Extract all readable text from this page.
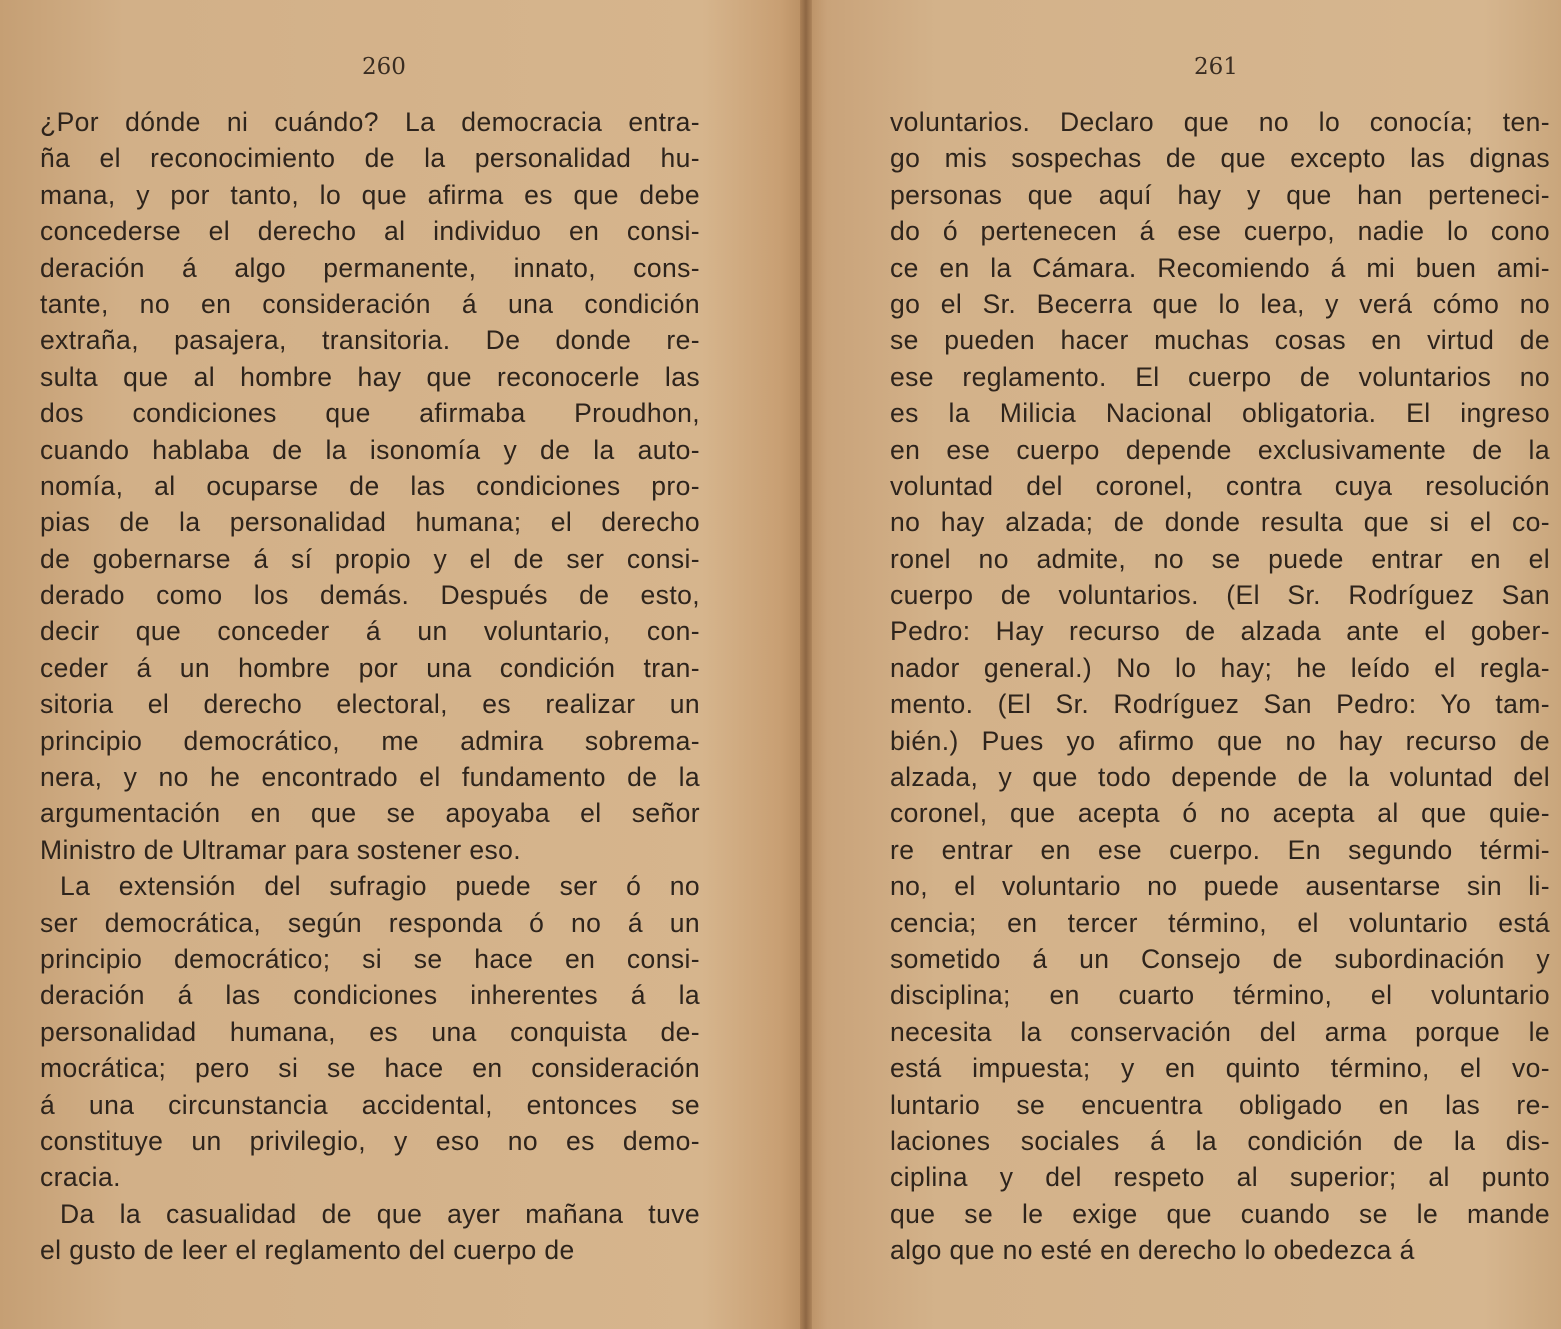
260
¿Por dónde ni cuándo? La democracia entra-
ña el reconocimiento de la personalidad hu-
mana, y por tanto, lo que afirma es que debe
concederse el derecho al individuo en consi-
deración á algo permanente, innato, cons-
tante, no en consideración á una condición
extraña, pasajera, transitoria. De donde re-
sulta que al hombre hay que reconocerle las
dos condiciones que afirmaba Proudhon,
cuando hablaba de la isonomía y de la auto-
nomía, al ocuparse de las condiciones pro-
pias de la personalidad humana; el derecho
de gobernarse á sí propio y el de ser consi-
derado como los demás. Después de esto,
decir que conceder á un voluntario, con-
ceder á un hombre por una condición tran-
sitoria el derecho electoral, es realizar un
principio democrático, me admira sobrema-
nera, y no he encontrado el fundamento de la
argumentación en que se apoyaba el señor
Ministro de Ultramar para sostener eso.
La extensión del sufragio puede ser ó no
ser democrática, según responda ó no á un
principio democrático; si se hace en consi-
deración á las condiciones inherentes á la
personalidad humana, es una conquista de-
mocrática; pero si se hace en consideración
á una circunstancia accidental, entonces se
constituye un privilegio, y eso no es demo-
cracia.
Da la casualidad de que ayer mañana tuve
el gusto de leer el reglamento del cuerpo de
261
voluntarios. Declaro que no lo conocía; ten-
go mis sospechas de que excepto las dignas
personas que aquí hay y que han perteneci-
do ó pertenecen á ese cuerpo, nadie lo cono
ce en la Cámara. Recomiendo á mi buen ami-
go el Sr. Becerra que lo lea, y verá cómo no
se pueden hacer muchas cosas en virtud de
ese reglamento. El cuerpo de voluntarios no
es la Milicia Nacional obligatoria. El ingreso
en ese cuerpo depende exclusivamente de la
voluntad del coronel, contra cuya resolución
no hay alzada; de donde resulta que si el co-
ronel no admite, no se puede entrar en el
cuerpo de voluntarios. (El Sr. Rodríguez San
Pedro: Hay recurso de alzada ante el gober-
nador general.) No lo hay; he leído el regla-
mento. (El Sr. Rodríguez San Pedro: Yo tam-
bién.) Pues yo afirmo que no hay recurso de
alzada, y que todo depende de la voluntad del
coronel, que acepta ó no acepta al que quie-
re entrar en ese cuerpo. En segundo térmi-
no, el voluntario no puede ausentarse sin li-
cencia; en tercer término, el voluntario está
sometido á un Consejo de subordinación y
disciplina; en cuarto término, el voluntario
necesita la conservación del arma porque le
está impuesta; y en quinto término, el vo-
luntario se encuentra obligado en las re-
laciones sociales á la condición de la dis-
ciplina y del respeto al superior; al punto
que se le exige que cuando se le mande
algo que no esté en derecho lo obedezca á
